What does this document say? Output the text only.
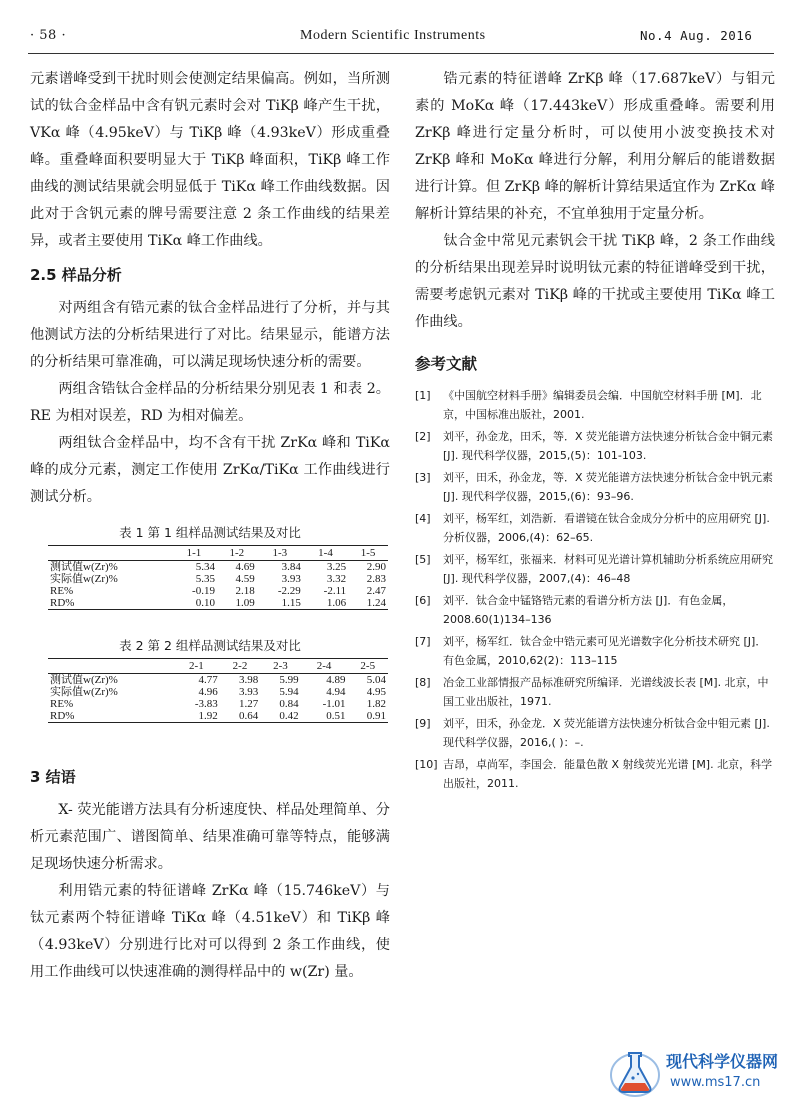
· 58 ·	Modern Scientific Instruments	No.4 Aug. 2016

元素谱峰受到干扰时则会使测定结果偏高。例如，当所测试的钛合金样品中含有钒元素时会对 TiKβ 峰产生干扰，VKα 峰（4.95keV）与 TiKβ 峰（4.93keV）形成重叠峰。重叠峰面积要明显大于 TiKβ 峰面积，TiKβ 峰工作曲线的测试结果就会明显低于 TiKα 峰工作曲线数据。因此对于含钒元素的牌号需要注意 2 条工作曲线的结果差异，或者主要使用 TiKα 峰工作曲线。

2.5 样品分析

对两组含有锆元素的钛合金样品进行了分析，并与其他测试方法的分析结果进行了对比。结果显示，能谱方法的分析结果可靠准确，可以满足现场快速分析的需要。

两组含锆钛合金样品的分析结果分别见表 1 和表 2。RE 为相对误差，RD 为相对偏差。

两组钛合金样品中，均不含有干扰 ZrKα 峰和 TiKα 峰的成分元素，测定工作使用 ZrKα/TiKα 工作曲线进行测试分析。

表 1 第 1 组样品测试结果及对比
	1-1	1-2	1-3	1-4	1-5
测试值w(Zr)%	5.34	4.69	3.84	3.25	2.90
实际值w(Zr)%	5.35	4.59	3.93	3.32	2.83
RE%	-0.19	2.18	-2.29	-2.11	2.47
RD%	0.10	1.09	1.15	1.06	1.24
表 2 第 2 组样品测试结果及对比
	2-1	2-2	2-3	2-4	2-5
测试值w(Zr)%	4.77	3.98	5.99	4.89	5.04
实际值w(Zr)%	4.96	3.93	5.94	4.94	4.95
RE%	-3.83	1.27	0.84	-1.01	1.82
RD%	1.92	0.64	0.42	0.51	0.91
3 结语

X- 荧光能谱方法具有分析速度快、样品处理简单、分析元素范围广、谱图简单、结果准确可靠等特点，能够满足现场快速分析需求。

利用锆元素的特征谱峰 ZrKα 峰（15.746keV）与钛元素两个特征谱峰 TiKα 峰（4.51keV）和 TiKβ 峰（4.93keV）分别进行比对可以得到 2 条工作曲线，使用工作曲线可以快速准确的测得样品中的 w(Zr) 量。

锆元素的特征谱峰 ZrKβ 峰（17.687keV）与钼元素的 MoKα 峰（17.443keV）形成重叠峰。需要利用 ZrKβ 峰进行定量分析时，可以使用小波变换技术对 ZrKβ 峰和 MoKα 峰进行分解，利用分解后的能谱数据进行计算。但 ZrKβ 峰的解析计算结果适宜作为 ZrKα 峰解析计算结果的补充，不宜单独用于定量分析。

钛合金中常见元素钒会干扰 TiKβ 峰，2 条工作曲线的分析结果出现差异时说明钛元素的特征谱峰受到干扰，需要考虑钒元素对 TiKβ 峰的干扰或主要使用 TiKα 峰工作曲线。

参考文献
[1]	《中国航空材料手册》编辑委员会编．中国航空材料手册 [M]．北京，中国标准出版社，2001.
[2]	刘平，孙金龙，田禾，等．X 荧光能谱方法快速分析钛合金中铜元素 [J]. 现代科学仪器，2015,(5)：101-103.
[3]	刘平，田禾，孙金龙，等．X 荧光能谱方法快速分析钛合金中钒元素 [J]. 现代科学仪器，2015,(6)：93–96.
[4]	刘平，杨军红，刘浩新．看谱镜在钛合金成分分析中的应用研究 [J]. 分析仪器，2006,(4)：62–65.
[5]	刘平，杨军红，张福来．材料可见光谱计算机辅助分析系统应用研究 [J]. 现代科学仪器，2007,(4)：46–48
[6]	刘平．钛合金中锰铬锆元素的看谱分析方法 [J]．有色金属，2008.60(1)134–136
[7]	刘平，杨军红．钛合金中锆元素可见光谱数字化分析技术研究 [J]．有色金属，2010,62(2)：113–115
[8]	冶金工业部情报产品标准研究所编译．光谱线波长表 [M]. 北京，中国工业出版社，1971.
[9]	刘平，田禾，孙金龙．X 荧光能谱方法快速分析钛合金中钼元素 [J]. 现代科学仪器，2016,( )：–.
[10] 吉昂，卓尚军，李国会．能量色散 X 射线荧光光谱 [M]. 北京，科学出版社，2011.
现代科学仪器网
www.ms17.cn
